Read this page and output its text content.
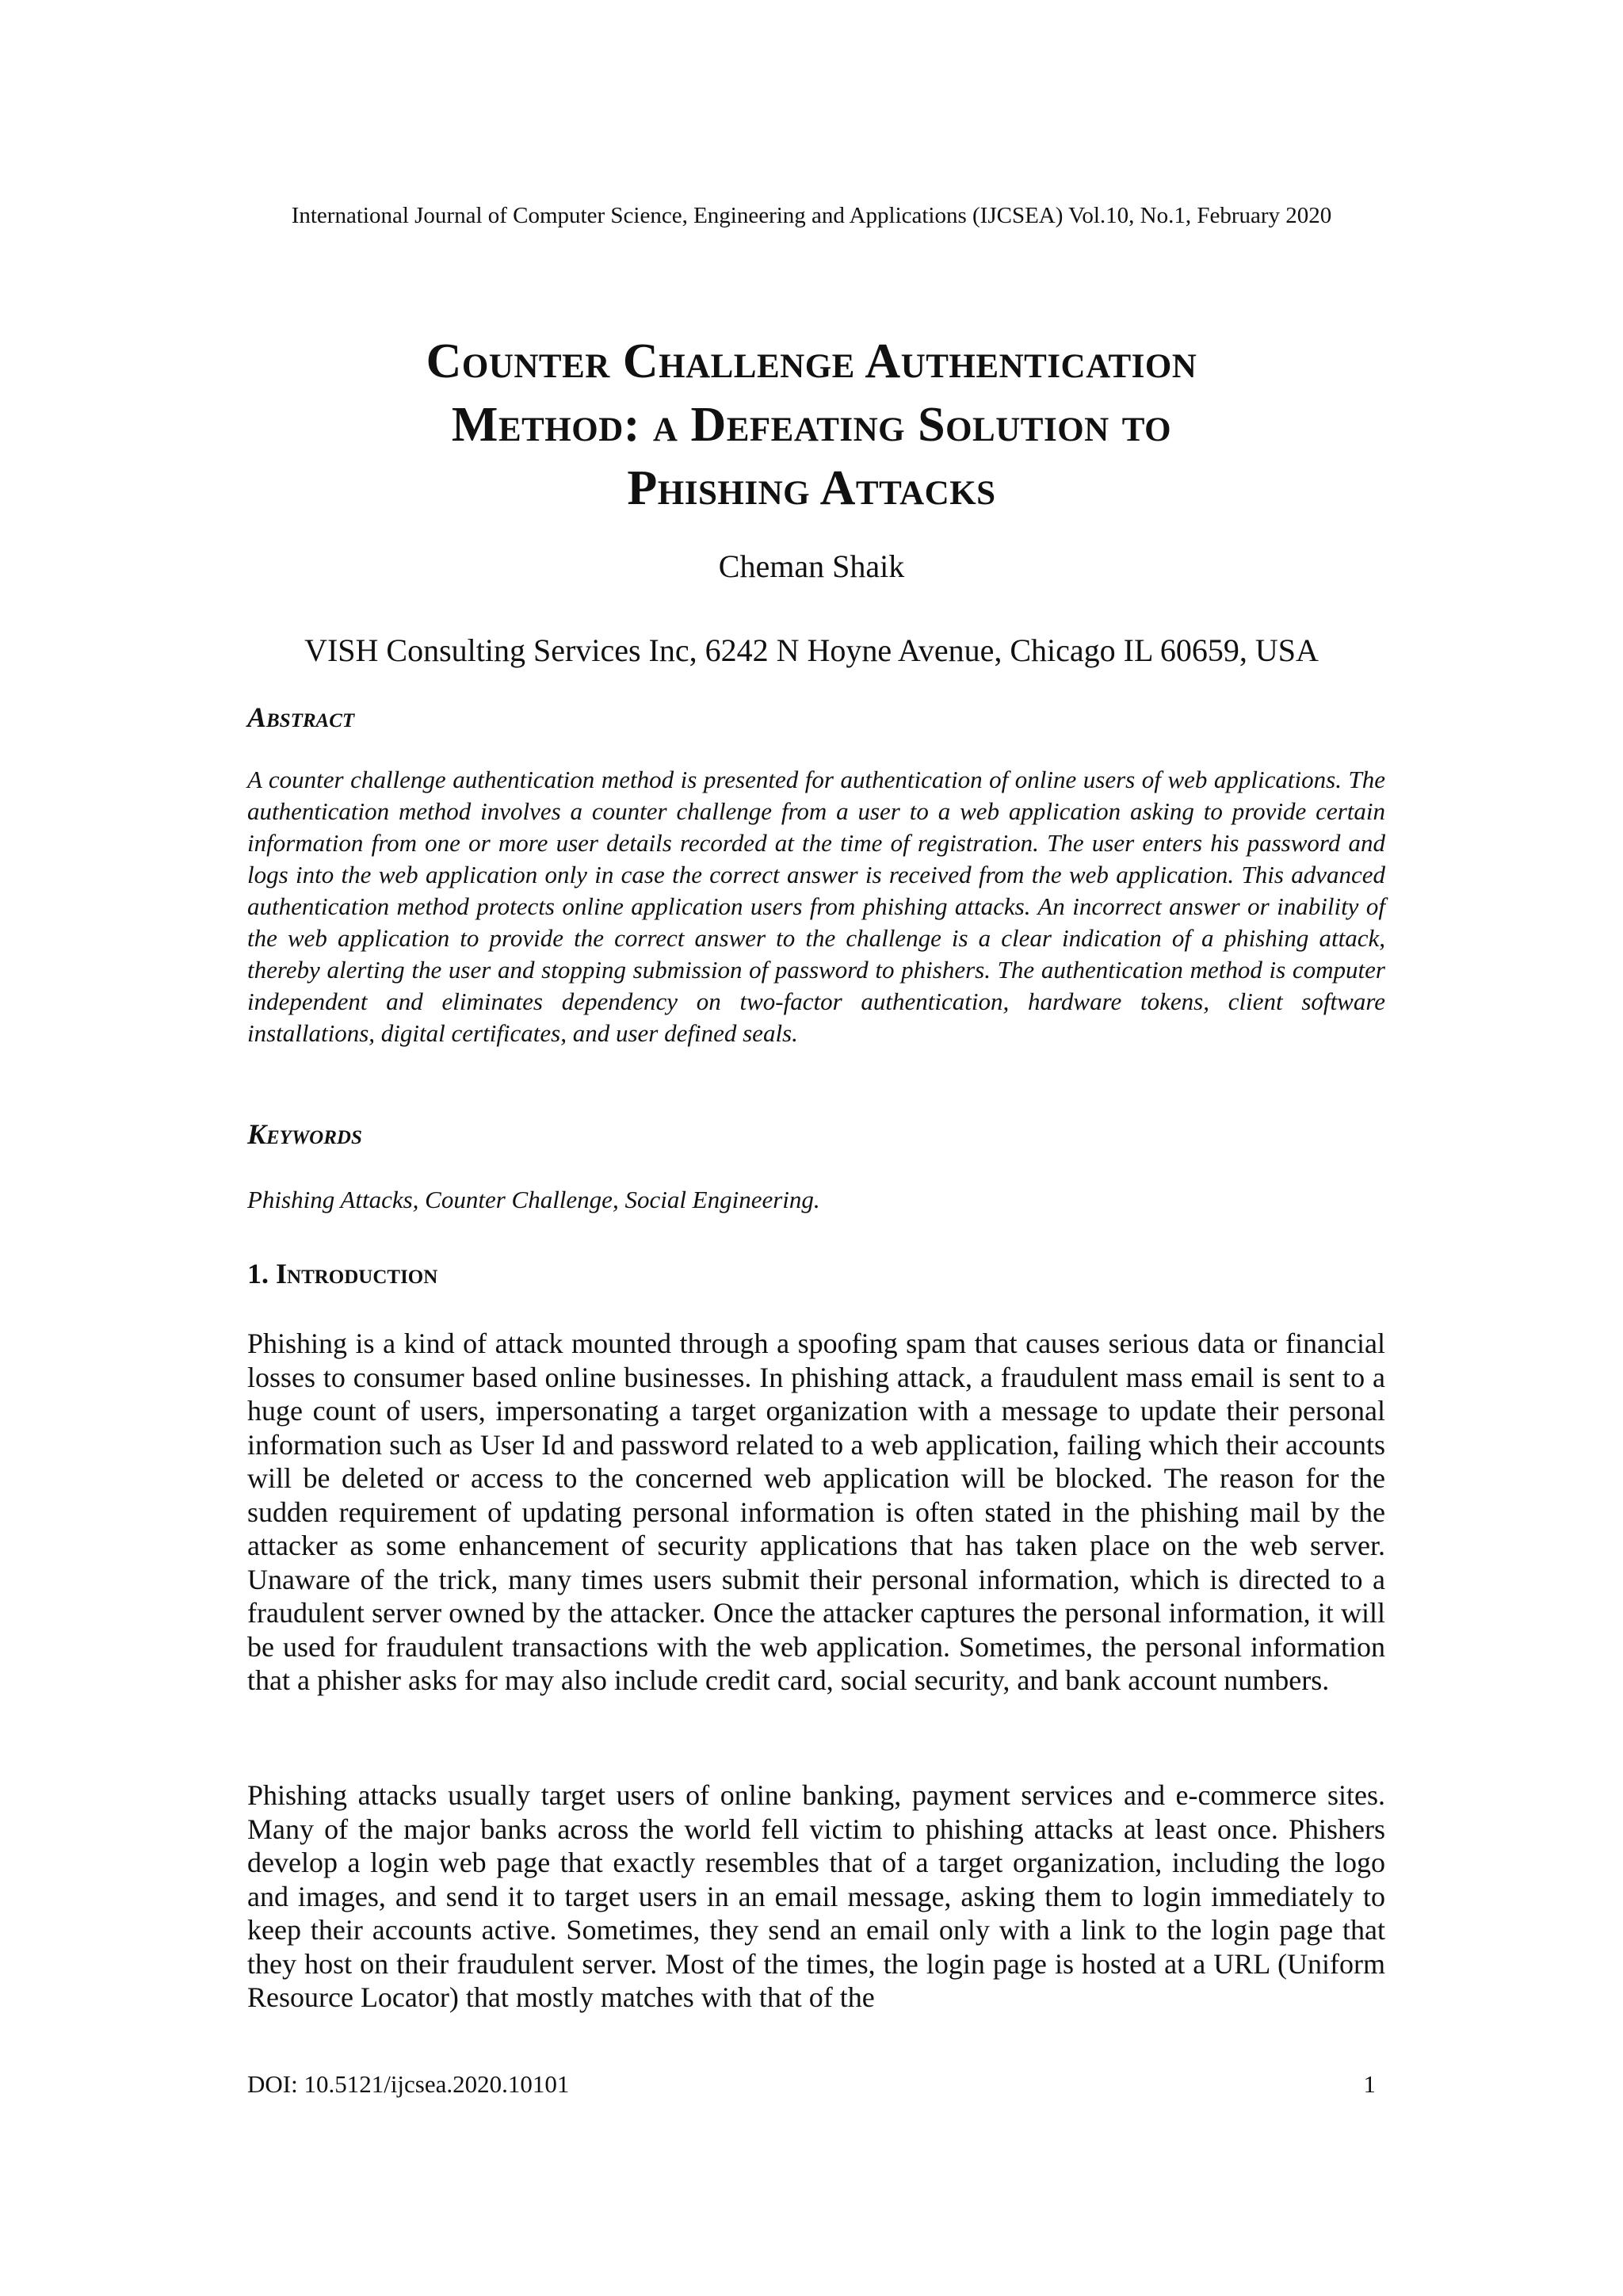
International Journal of Computer Science, Engineering and Applications (IJCSEA) Vol.10, No.1, February 2020
Counter Challenge Authentication
Method: a Defeating Solution to
Phishing Attacks
Cheman Shaik
VISH Consulting Services Inc, 6242 N Hoyne Avenue, Chicago IL 60659, USA
Abstract

A counter challenge authentication method is presented for authentication of online users of web applications. The authentication method involves a counter challenge from a user to a web application asking to provide certain information from one or more user details recorded at the time of registration. The user enters his password and logs into the web application only in case the correct answer is received from the web application. This advanced authentication method protects online application users from phishing attacks. An incorrect answer or inability of the web application to provide the correct answer to the challenge is a clear indication of a phishing attack, thereby alerting the user and stopping submission of password to phishers. The authentication method is computer independent and eliminates dependency on two-factor authentication, hardware tokens, client software installations, digital certificates, and user defined seals.

Keywords

Phishing Attacks, Counter Challenge, Social Engineering.

1. Introduction

Phishing is a kind of attack mounted through a spoofing spam that causes serious data or financial losses to consumer based online businesses. In phishing attack, a fraudulent mass email is sent to a huge count of users, impersonating a target organization with a message to update their personal information such as User Id and password related to a web application, failing which their accounts will be deleted or access to the concerned web application will be blocked. The reason for the sudden requirement of updating personal information is often stated in the phishing mail by the attacker as some enhancement of security applications that has taken place on the web server. Unaware of the trick, many times users submit their personal information, which is directed to a fraudulent server owned by the attacker. Once the attacker captures the personal information, it will be used for fraudulent transactions with the web application. Sometimes, the personal information that a phisher asks for may also include credit card, social security, and bank account numbers.

Phishing attacks usually target users of online banking, payment services and e-commerce sites. Many of the major banks across the world fell victim to phishing attacks at least once. Phishers develop a login web page that exactly resembles that of a target organization, including the logo and images, and send it to target users in an email message, asking them to login immediately to keep their accounts active. Sometimes, they send an email only with a link to the login page that they host on their fraudulent server. Most of the times, the login page is hosted at a URL (Uniform Resource Locator) that mostly matches with that of the

DOI: 10.5121/ijcsea.2020.10101	1
